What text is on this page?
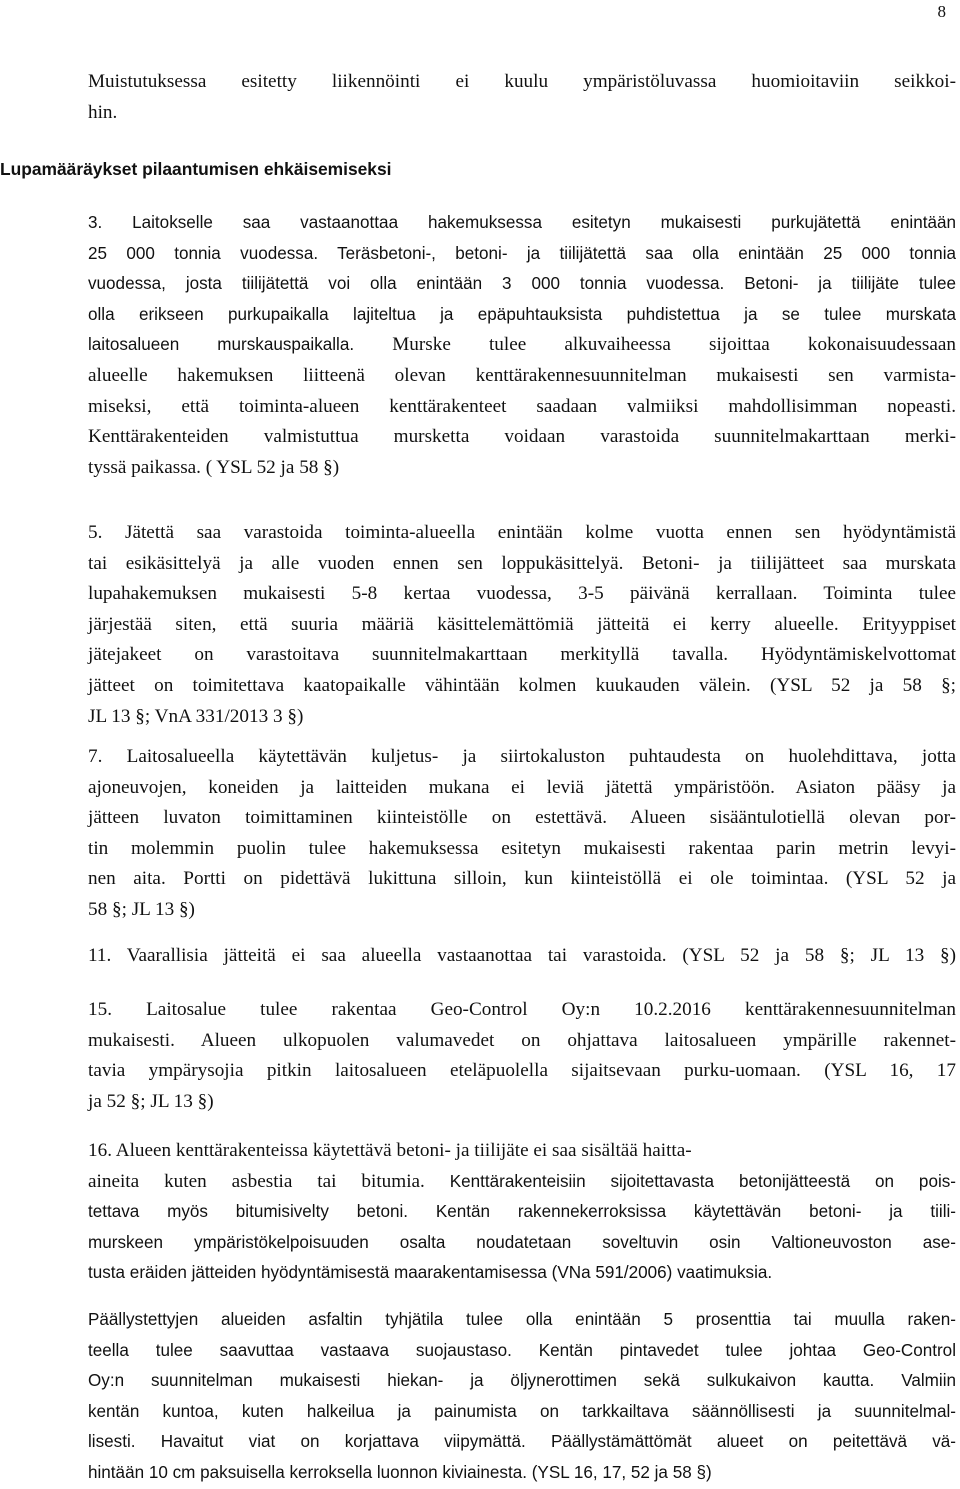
8
Muistutuksessa esitetty liikennöinti ei kuulu ympäristöluvassa huomioitaviin seikkoi-
hin.
Lupamääräykset pilaantumisen ehkäisemiseksi
3. Laitokselle saa vastaanottaa hakemuksessa esitetyn mukaisesti purkujätettä enintään
25 000 tonnia vuodessa. Teräsbetoni-, betoni- ja tiilijätettä saa olla enintään 25 000 tonnia
vuodessa, josta tiilijätettä voi olla enintään 3 000 tonnia vuodessa. Betoni- ja tiilijäte tulee
olla erikseen purkupaikalla lajiteltua ja epäpuhtauksista puhdistettua ja se tulee murskata
laitosalueen murskauspaikalla. Murske tulee alkuvaiheessa sijoittaa kokonaisuudessaan
alueelle hakemuksen liitteenä olevan kenttärakennesuunnitelman mukaisesti sen varmista-
miseksi, että toiminta-alueen kenttärakenteet saadaan valmiiksi mahdollisimman nopeasti.
Kenttärakenteiden valmistuttua mursketta voidaan varastoida suunnitelmakarttaan merki-
tyssä paikassa. ( YSL 52 ja 58 §)
5. Jätettä saa varastoida toiminta-alueella enintään kolme vuotta ennen sen hyödyntämistä
tai esikäsittelyä ja alle vuoden ennen sen loppukäsittelyä. Betoni- ja tiilijätteet saa murskata
lupahakemuksen mukaisesti 5-8 kertaa vuodessa, 3-5 päivänä kerrallaan. Toiminta tulee
järjestää siten, että suuria määriä käsittelemättömiä jätteitä ei kerry alueelle. Erityyppiset
jätejakeet on varastoitava suunnitelmakarttaan merkityllä tavalla. Hyödyntämiskelvottomat
jätteet on toimitettava kaatopaikalle vähintään kolmen kuukauden välein. (YSL 52 ja 58 §;
JL 13 §; VnA 331/2013 3 §)
7. Laitosalueella käytettävän kuljetus- ja siirtokaluston puhtaudesta on huolehdittava, jotta
ajoneuvojen, koneiden ja laitteiden mukana ei leviä jätettä ympäristöön. Asiaton pääsy ja
jätteen luvaton toimittaminen kiinteistölle on estettävä. Alueen sisääntulotiellä olevan por-
tin molemmin puolin tulee hakemuksessa esitetyn mukaisesti rakentaa parin metrin levyi-
nen aita. Portti on pidettävä lukittuna silloin, kun kiinteistöllä ei ole toimintaa. (YSL 52 ja
58 §; JL 13 §)
11. Vaarallisia jätteitä ei saa alueella vastaanottaa tai varastoida. (YSL 52 ja 58 §; JL 13 §)
15. Laitosalue tulee rakentaa Geo-Control Oy:n 10.2.2016 kenttärakennesuunnitelman
mukaisesti. Alueen ulkopuolen valumavedet on ohjattava laitosalueen ympärille rakennet-
tavia ympärysojia pitkin laitosalueen eteläpuolella sijaitsevaan purku-uomaan. (YSL 16, 17
ja 52 §; JL 13 §)
16. Alueen kenttärakenteissa käytettävä betoni- ja tiilijäte ei saa sisältää haitta-
aineita kuten asbestia tai bitumia. Kenttärakenteisiin sijoitettavasta betonijätteestä on pois-
tettava myös bitumisivelty betoni. Kentän rakennekerroksissa käytettävän betoni- ja tiili-
murskeen ympäristökelpoisuuden osalta noudatetaan soveltuvin osin Valtioneuvoston ase-
tusta eräiden jätteiden hyödyntämisestä maarakentamisessa (VNa 591/2006) vaatimuksia.
Päällystettyjen alueiden asfaltin tyhjätila tulee olla enintään 5 prosenttia tai muulla raken-
teella tulee saavuttaa vastaava suojaustaso. Kentän pintavedet tulee johtaa Geo-Control
Oy:n suunnitelman mukaisesti hiekan- ja öljynerottimen sekä sulkukaivon kautta. Valmiin
kentän kuntoa, kuten halkeilua ja painumista on tarkkailtava säännöllisesti ja suunnitelmal-
lisesti. Havaitut viat on korjattava viipymättä. Päällystämättömät alueet on peitettävä vä-
hintään 10 cm paksuisella kerroksella luonnon kiviainesta. (YSL 16, 17, 52 ja 58 §)
